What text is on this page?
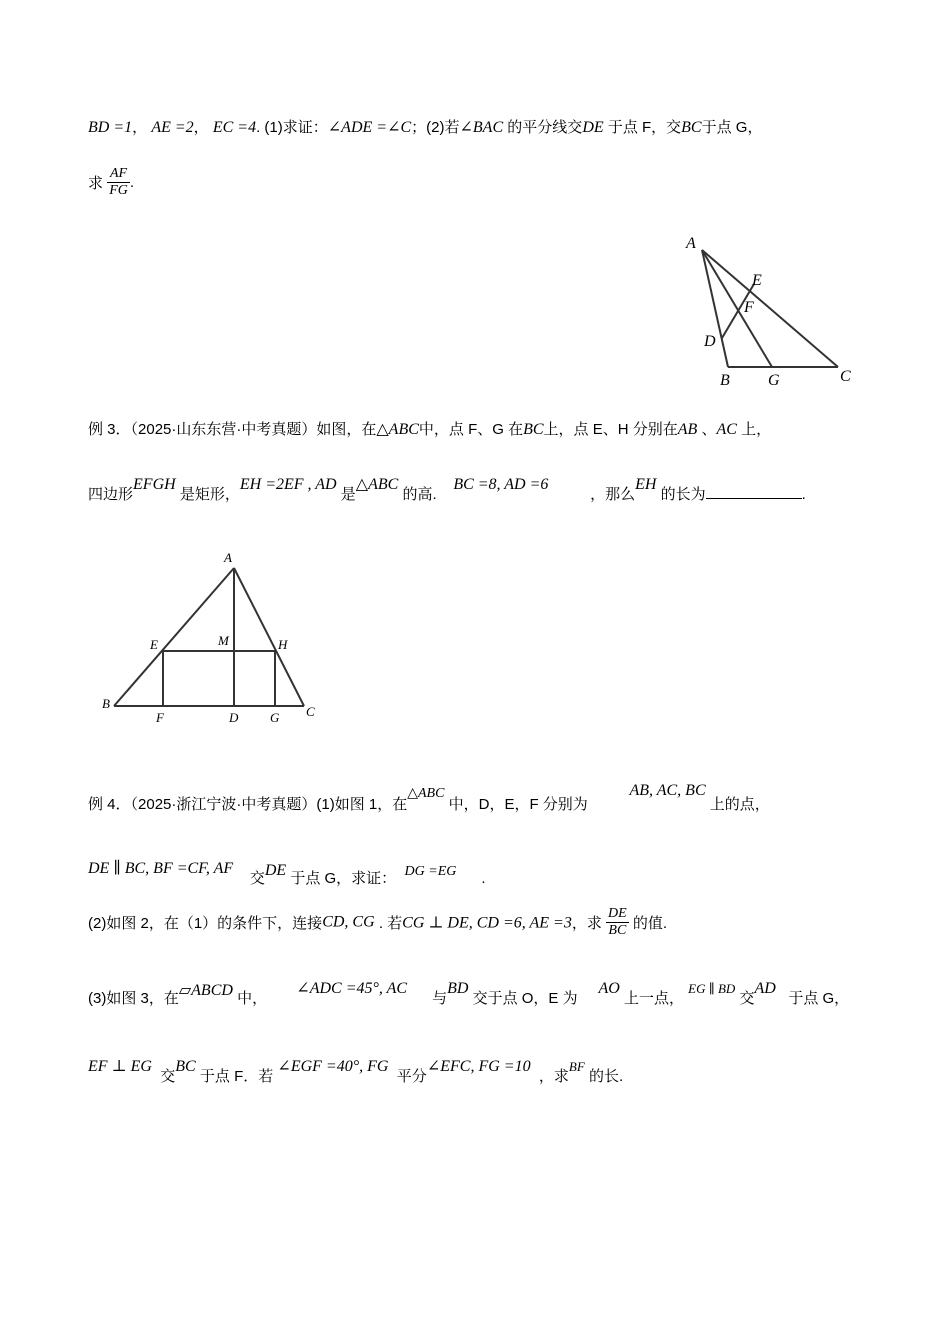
BD =1， AE =2， EC =4. (1)求证：∠ADE =∠C；(2)若∠BAC 的平分线交DE 于点 F，交BC于点 G，
求 $\frac{AF}{FG}$ .
A
E
F
D
B G	C
例 3．（2025·山东东营·中考真题）如图，在△ABC中，点 F、G 在BC上，点 E、H 分别在AB 、AC 上，
四边形EFGH 是矩形，EH =2EF , AD 是△ABC 的高.    BC =8, AD =6          ，那么EH 的长为	.
A
E	M	H
B
F	D G C
例 4．（2025·浙江宁波·中考真题）(1)如图 1，在△ABC 中，D，E，F 分别为          AB, AC, BC 上的点，
DE ∥ BC, BF =CF, AF    交DE 于点 G，求证： DG =EG .
(2)如图 2，在（1）的条件下，连接CD, CG . 若CG ⊥ DE, CD =6, AE =3，求 $\frac{DE}{BC}$ 的值.
(3)如图 3，在▱ABCD 中，       ∠ADC =45°, AC      与BD 交于点 O，E 为     AO 上一点， EG ∥ BD 交AD   于点 G，
EF ⊥ EG  交BC 于点 F．若 ∠EGF =40°, FG  平分∠EFC, FG =10  ，求BF 的长.
